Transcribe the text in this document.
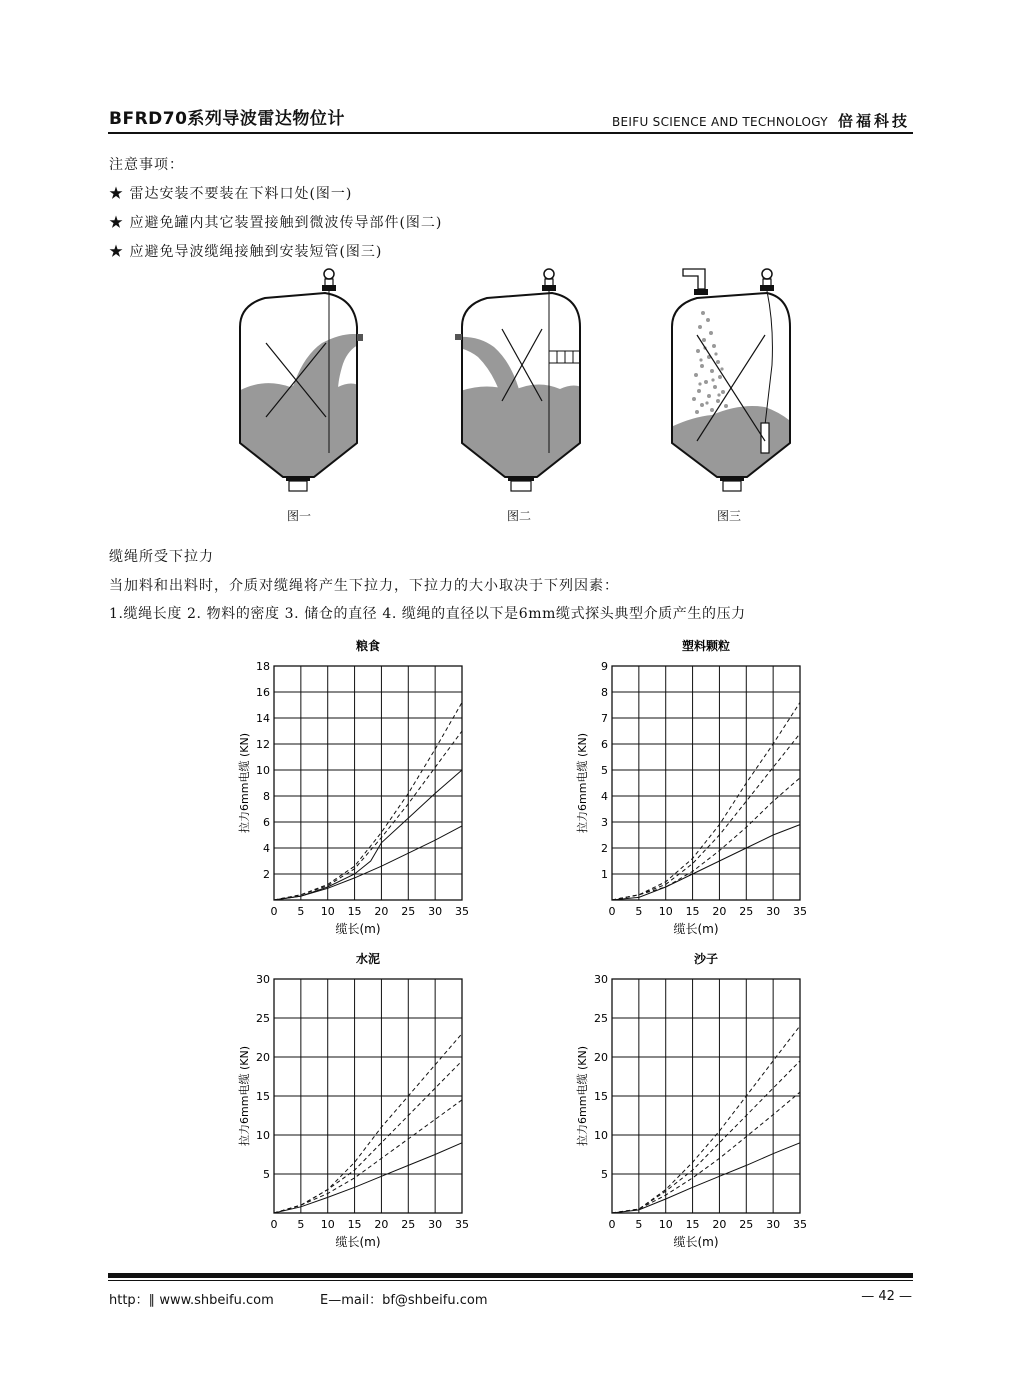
BFRD70系列导波雷达物位计	BEIFU SCIENCE AND TECHNOLOGY 倍福科技
注意事项：
★ 雷达安装不要装在下料口处(图一)
★ 应避免罐内其它装置接触到微波传导部件(图二)
★ 应避免导波缆绳接触到安装短管(图三)
图一	图二	图三
缆绳所受下拉力
当加料和出料时，介质对缆绳将产生下拉力，下拉力的大小取决于下列因素：
1.缆绳长度 2. 物料的密度 3. 储仓的直径 4. 缆绳的直径以下是6mm缆式探头典型介质产生的压力
粮食
0 5 10 15 20 25 30 35
2
4
6
8
10
12
14
16
18
缆长(m)
拉力6mm电缆 (KN)
塑料颗粒
0 5 10 15 20 25 30 35
1
2
3
4
5
6
7
8
9
缆长(m)
拉力6mm电缆 (KN)
水泥
0 5 10 15 20 25 30 35
5
10
15
20
25
30
缆长(m)
拉力6mm电缆 (KN)
沙子
0 5 10 15 20 25 30 35
5
10
15
20
25
30
缆长(m)
拉力6mm电缆 (KN)
http：∥ www.shbeifu.com	E—mail：bf@shbeifu.com	— 42 —
